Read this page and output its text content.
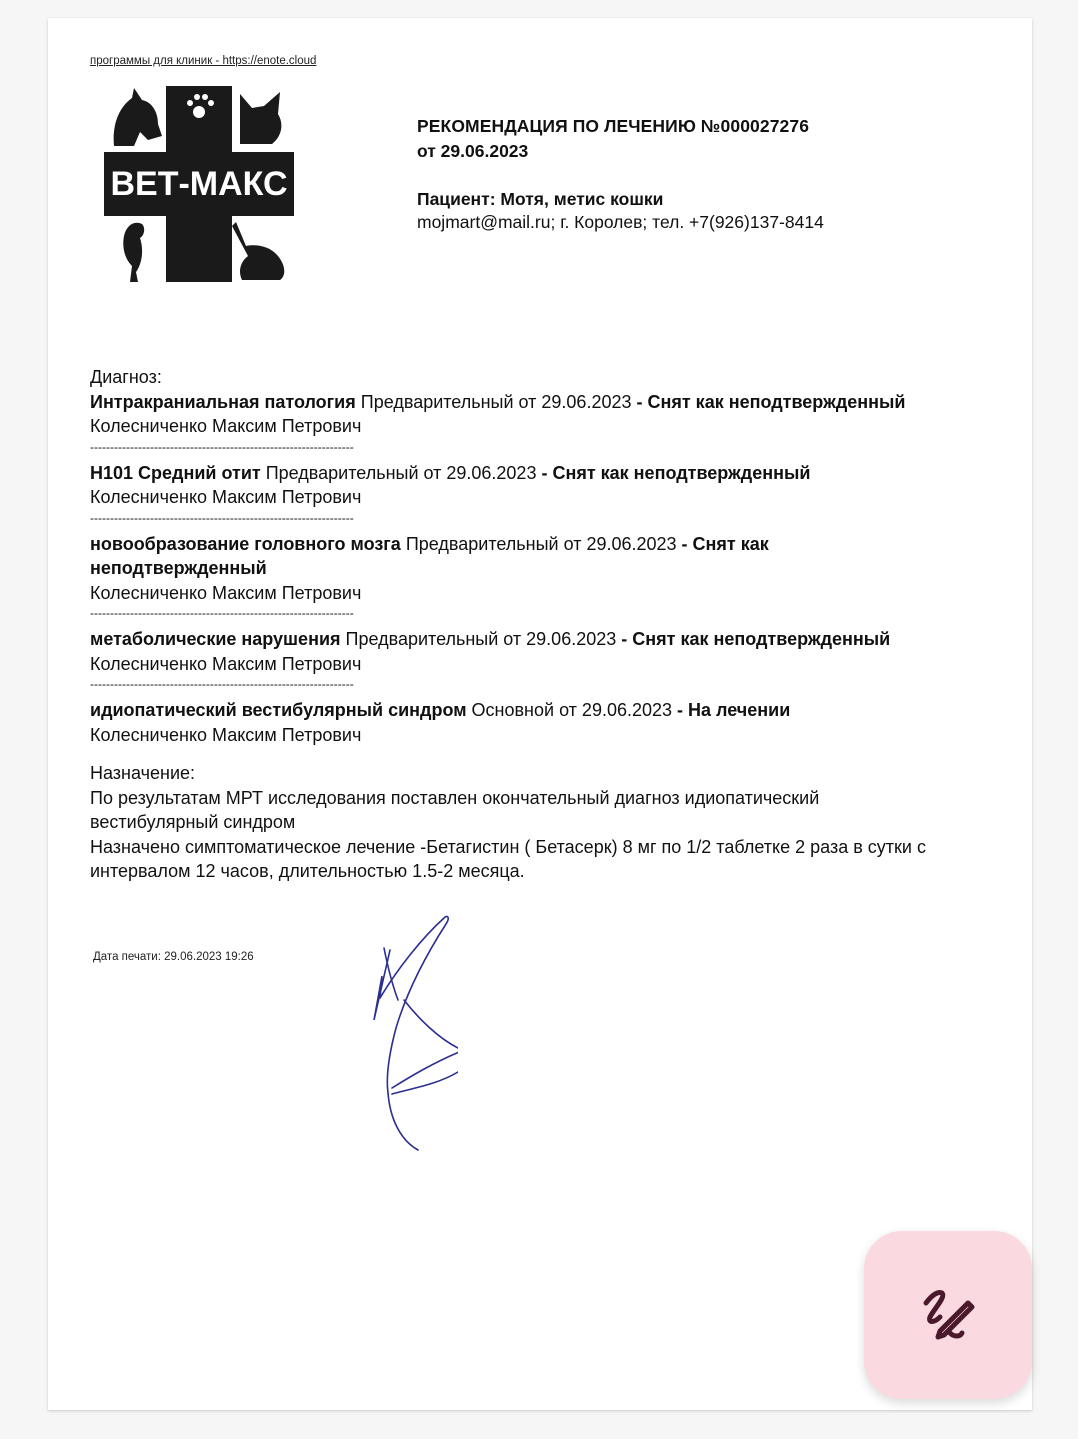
программы для клиник - https://enote.cloud
ВЕТ-МАКС
РЕКОМЕНДАЦИЯ ПО ЛЕЧЕНИЮ №000027276
от 29.06.2023
Пациент: Мотя, метис кошки
mojmart@mail.ru; г. Королев; тел. +7(926)137-8414
Диагноз:
Интракраниальная патология Предварительный от 29.06.2023 - Снят как неподтвержденный
Колесниченко Максим Петрович
------------------------------------------------------------------
H101 Средний отит Предварительный от 29.06.2023 - Снят как неподтвержденный
Колесниченко Максим Петрович
------------------------------------------------------------------
новообразование головного мозга Предварительный от 29.06.2023 - Снят как неподтвержденный
Колесниченко Максим Петрович
------------------------------------------------------------------
метаболические нарушения Предварительный от 29.06.2023 - Снят как неподтвержденный
Колесниченко Максим Петрович
------------------------------------------------------------------
идиопатический вестибулярный синдром Основной от 29.06.2023 - На лечении
Колесниченко Максим Петрович
Назначение:
По результатам МРТ исследования поставлен окончательный диагноз идиопатический вестибулярный синдром
Назначено симптоматическое лечение -Бетагистин ( Бетасерк) 8 мг по 1/2 таблетке 2 раза в сутки с интервалом 12 часов, длительностью 1.5-2 месяца.
Дата печати: 29.06.2023 19:26
